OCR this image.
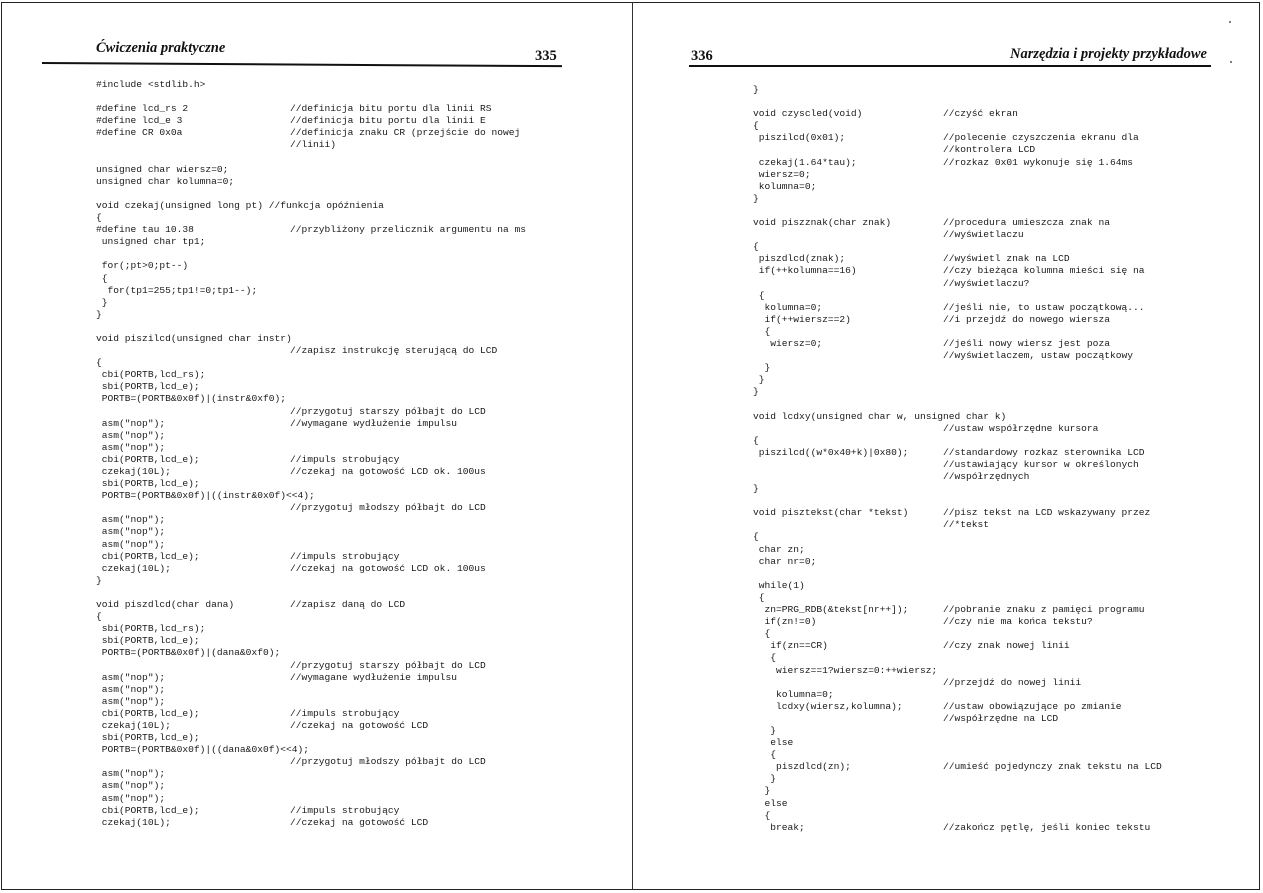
Ćwiczenia praktyczne	335
#include <stdlib.h>
#define lcd_rs 2	//definicja bitu portu dla linii RS
#define lcd_e 3	//definicja bitu portu dla linii E
#define CR 0x0a	//definicja znaku CR (przejście do nowej
//linii)
unsigned char wiersz=0;
unsigned char kolumna=0;
void czekaj(unsigned long pt) //funkcja opóźnienia
{
#define tau 10.38	//przybliżony przelicznik argumentu na ms
unsigned char tp1;
for(;pt>0;pt--)
{
for(tp1=255;tp1!=0;tp1--);
}
}
void piszilcd(unsigned char instr)
//zapisz instrukcję sterującą do LCD
{
cbi(PORTB,lcd_rs);
sbi(PORTB,lcd_e);
PORTB=(PORTB&0x0f)|(instr&0xf0);
//przygotuj starszy półbajt do LCD
asm("nop");	//wymagane wydłużenie impulsu
asm("nop");
asm("nop");
cbi(PORTB,lcd_e);	//impuls strobujący
czekaj(10L);	//czekaj na gotowość LCD ok. 100us
sbi(PORTB,lcd_e);
PORTB=(PORTB&0x0f)|((instr&0x0f)<<4);
//przygotuj młodszy półbajt do LCD
asm("nop");
asm("nop");
asm("nop");
cbi(PORTB,lcd_e);	//impuls strobujący
czekaj(10L);	//czekaj na gotowość LCD ok. 100us
}
void piszdlcd(char dana)	//zapisz daną do LCD
{
sbi(PORTB,lcd_rs);
sbi(PORTB,lcd_e);
PORTB=(PORTB&0x0f)|(dana&0xf0);
//przygotuj starszy półbajt do LCD
asm("nop");	//wymagane wydłużenie impulsu
asm("nop");
asm("nop");
cbi(PORTB,lcd_e);	//impuls strobujący
czekaj(10L);	//czekaj na gotowość LCD
sbi(PORTB,lcd_e);
PORTB=(PORTB&0x0f)|((dana&0x0f)<<4);
//przygotuj młodszy półbajt do LCD
asm("nop");
asm("nop");
asm("nop");
cbi(PORTB,lcd_e);	//impuls strobujący
czekaj(10L);	//czekaj na gotowość LCD
336	Narzędzia i projekty przykładowe
}
void czyscled(void)	//czyść ekran
{
piszilcd(0x01);	//polecenie czyszczenia ekranu dla
//kontrolera LCD
czekaj(1.64*tau);	//rozkaz 0x01 wykonuje się 1.64ms
wiersz=0;
kolumna=0;
}
void piszznak(char znak)	//procedura umieszcza znak na
//wyświetlaczu
{
piszdlcd(znak);	//wyświetl znak na LCD
if(++kolumna==16)	//czy bieżąca kolumna mieści się na
//wyświetlaczu?
{
kolumna=0;	//jeśli nie, to ustaw początkową...
if(++wiersz==2)	//i przejdź do nowego wiersza
{
wiersz=0;	//jeśli nowy wiersz jest poza
//wyświetlaczem, ustaw początkowy
}
}
}
void lcdxy(unsigned char w, unsigned char k)
//ustaw współrzędne kursora
{
piszilcd((w*0x40+k)|0x80);	//standardowy rozkaz sterownika LCD
//ustawiający kursor w określonych
//współrzędnych
}
void pisztekst(char *tekst)	//pisz tekst na LCD wskazywany przez
//*tekst
{
char zn;
char nr=0;
while(1)
{
zn=PRG_RDB(&tekst[nr++]);	//pobranie znaku z pamięci programu
if(zn!=0)	//czy nie ma końca tekstu?
{
if(zn==CR)	//czy znak nowej linii
{
wiersz==1?wiersz=0:++wiersz;
//przejdź do nowej linii
kolumna=0;
lcdxy(wiersz,kolumna);	//ustaw obowiązujące po zmianie
//współrzędne na LCD
}
else
{
piszdlcd(zn);	//umieść pojedynczy znak tekstu na LCD
}
}
else
{
break;	//zakończ pętlę, jeśli koniec tekstu
